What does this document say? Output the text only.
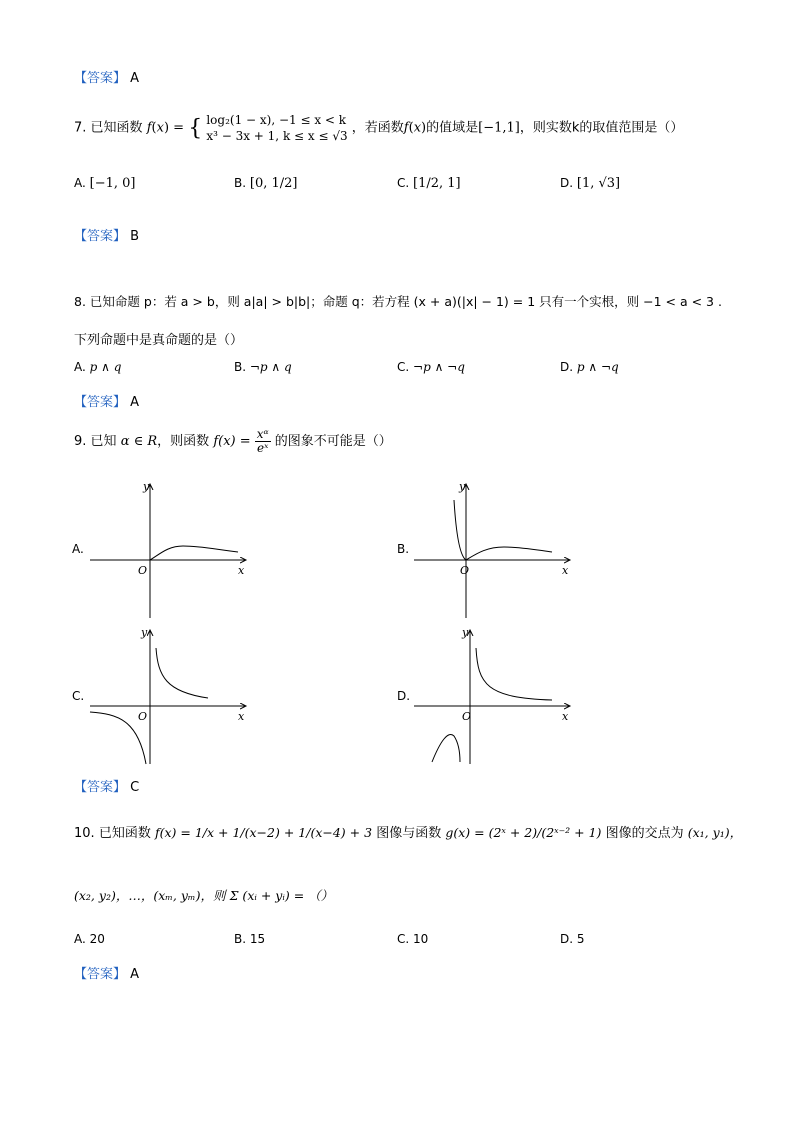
【答案】 A
7. 已知函数 f(x) = { log₂(1 − x), −1 ≤ x < k
x³ − 3x + 1, k ≤ x ≤ √3
，若函数f(x)的值域是[−1,1]，则实数k的取值范围是（）
A. [−1, 0]	B. [0, 1/2]	C. [1/2, 1]	D. [1, √3]
【答案】 B
8. 已知命题 p：若 a > b，则 a|a| > b|b|；命题 q：若方程 (x + a)(|x| − 1) = 1 只有一个实根，则 −1 < a < 3 .
下列命题中是真命题的是（）
A. p ∧ q	B. ¬p ∧ q	C. ¬p ∧ ¬q	D. p ∧ ¬q
【答案】 A
9. 已知 α ∈ R，则函数 $f(x) = \frac{\text{xᵅ}}{\text{eˣ}}$ 的图象不可能是（）
A.
y
x
O
B.
y
x
O
C.
y
x
O
D.
y
x
O
【答案】 C
10. 已知函数 f(x) = 1/x + 1/(x−2) + 1/(x−4) + 3 图像与函数 g(x) = (2ˣ + 2)/(2ˣ⁻² + 1) 图像的交点为 (x₁, y₁)，
(x₂, y₂)，…，(xₘ, yₘ)，则 Σ (xᵢ + yᵢ) = （）
A. 20	B. 15	C. 10	D. 5
【答案】 A
